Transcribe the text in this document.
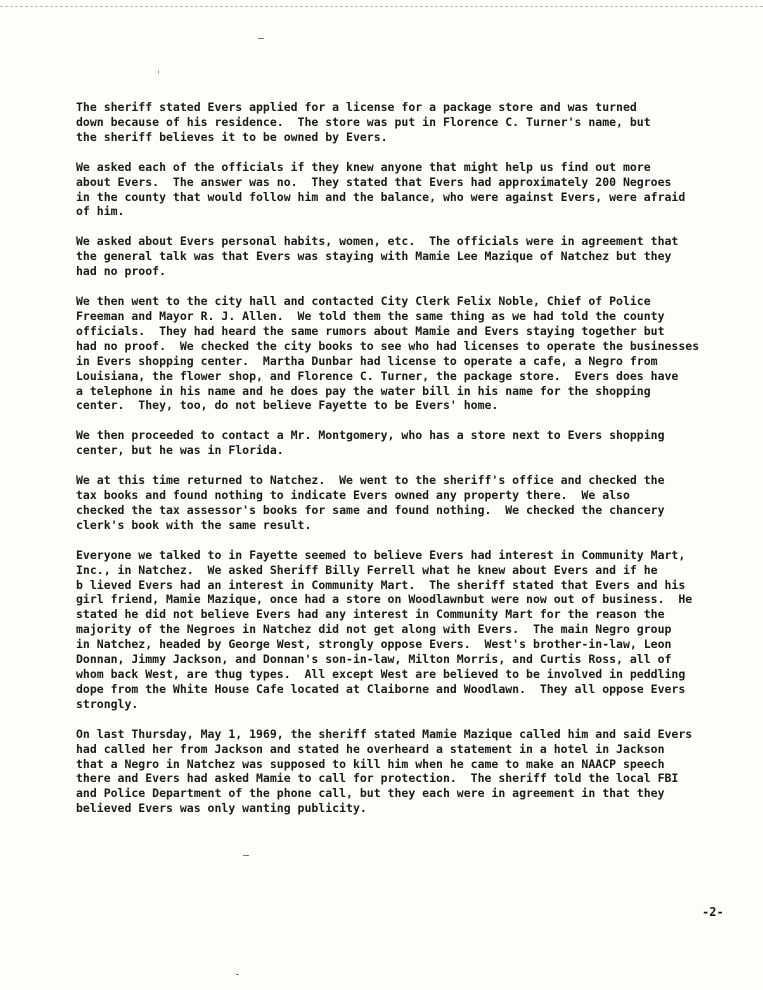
The sheriff stated Evers applied for a license for a package store and was turned
down because of his residence.  The store was put in Florence C. Turner's name, but
the sheriff believes it to be owned by Evers.

We asked each of the officials if they knew anyone that might help us find out more
about Evers.  The answer was no.  They stated that Evers had approximately 200 Negroes
in the county that would follow him and the balance, who were against Evers, were afraid
of him.

We asked about Evers personal habits, women, etc.  The officials were in agreement that
the general talk was that Evers was staying with Mamie Lee Mazique of Natchez but they
had no proof.

We then went to the city hall and contacted City Clerk Felix Noble, Chief of Police
Freeman and Mayor R. J. Allen.  We told them the same thing as we had told the county
officials.  They had heard the same rumors about Mamie and Evers staying together but
had no proof.  We checked the city books to see who had licenses to operate the businesses
in Evers shopping center.  Martha Dunbar had license to operate a cafe, a Negro from
Louisiana, the flower shop, and Florence C. Turner, the package store.  Evers does have
a telephone in his name and he does pay the water bill in his name for the shopping
center.  They, too, do not believe Fayette to be Evers' home.

We then proceeded to contact a Mr. Montgomery, who has a store next to Evers shopping
center, but he was in Florida.

We at this time returned to Natchez.  We went to the sheriff's office and checked the
tax books and found nothing to indicate Evers owned any property there.  We also
checked the tax assessor's books for same and found nothing.  We checked the chancery
clerk's book with the same result.

Everyone we talked to in Fayette seemed to believe Evers had interest in Community Mart,
Inc., in Natchez.  We asked Sheriff Billy Ferrell what he knew about Evers and if he
b lieved Evers had an interest in Community Mart.  The sheriff stated that Evers and his
girl friend, Mamie Mazique, once had a store on Woodlawnbut were now out of business.  He
stated he did not believe Evers had any interest in Community Mart for the reason the
majority of the Negroes in Natchez did not get along with Evers.  The main Negro group
in Natchez, headed by George West, strongly oppose Evers.  West's brother-in-law, Leon
Donnan, Jimmy Jackson, and Donnan's son-in-law, Milton Morris, and Curtis Ross, all of
whom back West, are thug types.  All except West are believed to be involved in peddling
dope from the White House Cafe located at Claiborne and Woodlawn.  They all oppose Evers
strongly.

On last Thursday, May 1, 1969, the sheriff stated Mamie Mazique called him and said Evers
had called her from Jackson and stated he overheard a statement in a hotel in Jackson
that a Negro in Natchez was supposed to kill him when he came to make an NAACP speech
there and Evers had asked Mamie to call for protection.  The sheriff told the local FBI
and Police Department of the phone call, but they each were in agreement in that they
believed Evers was only wanting publicity.

-2-
